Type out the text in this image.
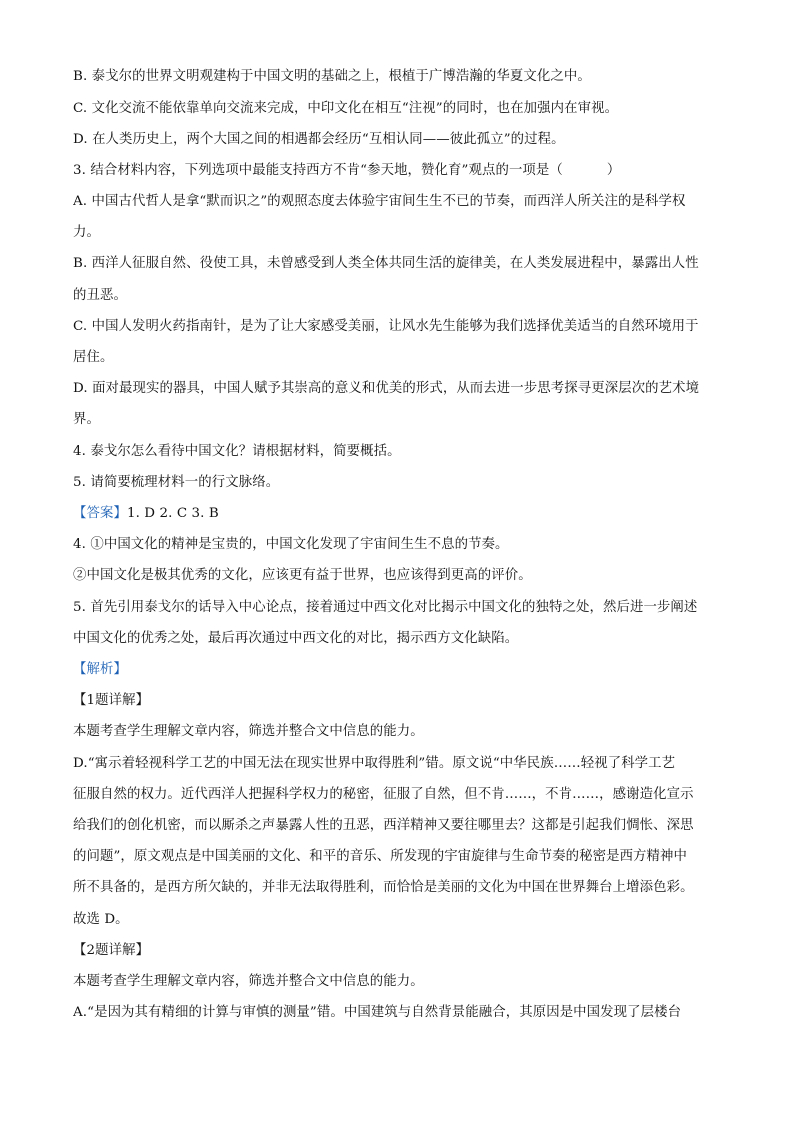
B. 泰戈尔的世界文明观建构于中国文明的基础之上，根植于广博浩瀚的华夏文化之中。
C. 文化交流不能依靠单向交流来完成，中印文化在相互“注视”的同时，也在加强内在审视。
D. 在人类历史上，两个大国之间的相遇都会经历“互相认同——彼此孤立”的过程。
3. 结合材料内容，下列选项中最能支持西方不肯“参天地，赞化育”观点的一项是（	）
A. 中国古代哲人是拿“默而识之”的观照态度去体验宇宙间生生不已的节奏，而西洋人所关注的是科学权
力。
B. 西洋人征服自然、役使工具，未曾感受到人类全体共同生活的旋律美，在人类发展进程中，暴露出人性
的丑恶。
C. 中国人发明火药指南针，是为了让大家感受美丽，让风水先生能够为我们选择优美适当的自然环境用于
居住。
D. 面对最现实的器具，中国人赋予其崇高的意义和优美的形式，从而去进一步思考探寻更深层次的艺术境
界。
4. 泰戈尔怎么看待中国文化？请根据材料，简要概括。
5. 请简要梳理材料一的行文脉络。
【答案】1. D 2. C 3. B
4. ①中国文化的精神是宝贵的，中国文化发现了宇宙间生生不息的节奏。
②中国文化是极其优秀的文化，应该更有益于世界，也应该得到更高的评价。
5. 首先引用泰戈尔的话导入中心论点，接着通过中西文化对比揭示中国文化的独特之处，然后进一步阐述
中国文化的优秀之处，最后再次通过中西文化的对比，揭示西方文化缺陷。
【解析】
【1题详解】
本题考查学生理解文章内容，筛选并整合文中信息的能力。
D.“寓示着轻视科学工艺的中国无法在现实世界中取得胜利”错。原文说“中华民族……轻视了科学工艺
征服自然的权力。近代西洋人把握科学权力的秘密，征服了自然，但不肯……，不肯……，感谢造化宣示
给我们的创化机密，而以厮杀之声暴露人性的丑恶，西洋精神又要往哪里去？这都是引起我们惆怅、深思
的问题”，原文观点是中国美丽的文化、和平的音乐、所发现的宇宙旋律与生命节奏的秘密是西方精神中
所不具备的，是西方所欠缺的，并非无法取得胜利，而恰恰是美丽的文化为中国在世界舞台上增添色彩。
故选 D。
【2题详解】
本题考查学生理解文章内容，筛选并整合文中信息的能力。
A.“是因为其有精细的计算与审慎的测量”错。中国建筑与自然背景能融合，其原因是中国发现了层楼台
